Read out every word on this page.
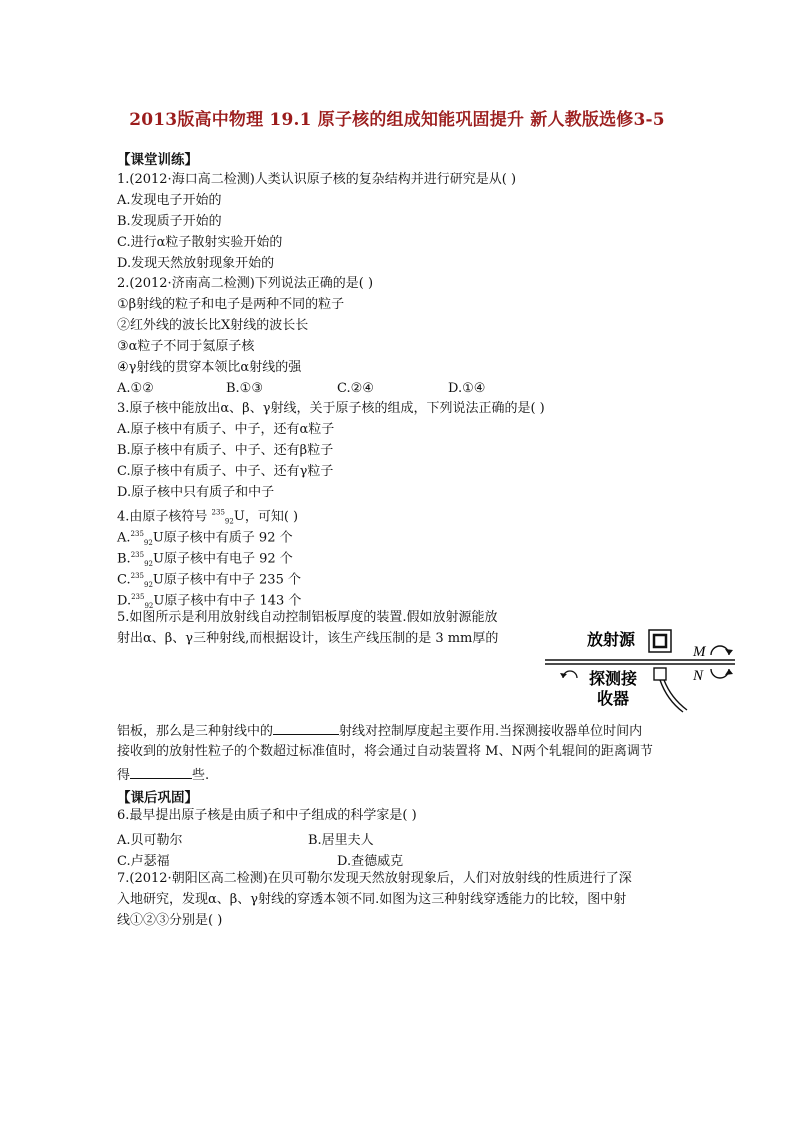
2013版高中物理 19.1 原子核的组成知能巩固提升 新人教版选修3-5
【课堂训练】
1.(2012·海口高二检测)人类认识原子核的复杂结构并进行研究是从( )
A.发现电子开始的
B.发现质子开始的
C.进行α粒子散射实验开始的
D.发现天然放射现象开始的
2.(2012·济南高二检测)下列说法正确的是( )
①β射线的粒子和电子是两种不同的粒子
②红外线的波长比X射线的波长长
③α粒子不同于氦原子核
④γ射线的贯穿本领比α射线的强
A.①②	B.①③	C.②④	D.①④
3.原子核中能放出α、β、γ射线，关于原子核的组成，下列说法正确的是( )
A.原子核中有质子、中子，还有α粒子
B.原子核中有质子、中子、还有β粒子
C.原子核中有质子、中子、还有γ粒子
D.原子核中只有质子和中子
4.由原子核符号 $^{235}_{92}$U，可知( )
A.$^{235}_{92}$U原子核中有质子 92 个
B.$^{235}_{92}$U原子核中有电子 92 个
C.$^{235}_{92}$U原子核中有中子 235 个
D.$^{235}_{92}$U原子核中有中子 143 个
5.如图所示是利用放射线自动控制铝板厚度的装置.假如放射源能放
射出α、β、γ三种射线,而根据设计，该生产线压制的是 3 mm厚的	放射源
M
N
探测接
收器
铝板，那么是三种射线中的	射线对控制厚度起主要作用.当探测接收器单位时间内
接收到的放射性粒子的个数超过标准值时，将会通过自动装置将 M、N两个轧辊间的距离调节
得	些.
【课后巩固】
6.最早提出原子核是由质子和中子组成的科学家是( )
A.贝可勒尔	B.居里夫人
C.卢瑟福	D.查德威克
7.(2012·朝阳区高二检测)在贝可勒尔发现天然放射现象后，人们对放射线的性质进行了深
入地研究，发现α、β、γ射线的穿透本领不同.如图为这三种射线穿透能力的比较，图中射
线①②③分别是( )
